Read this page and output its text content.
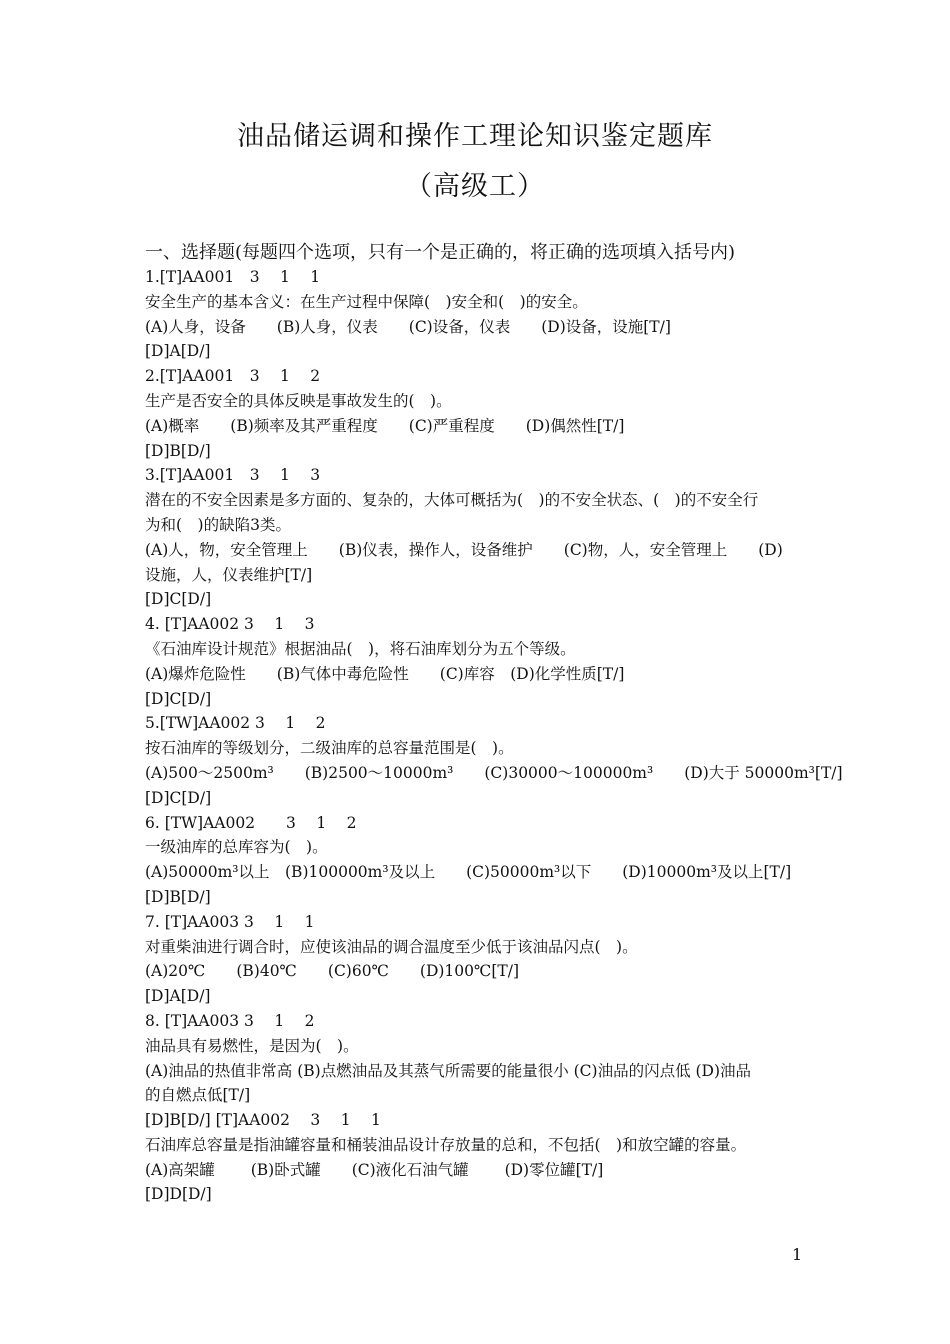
油品储运调和操作工理论知识鉴定题库
（高级工）
一、选择题(每题四个选项，只有一个是正确的，将正确的选项填入括号内)
1.[T]AA001　3　 1　 1
安全生产的基本含义：在生产过程中保障(　)安全和(　)的安全。
(A)人身，设备　　(B)人身，仪表　　(C)设备，仪表　　(D)设备，设施[T/]
[D]A[D/]
2.[T]AA001　3　 1　 2
生产是否安全的具体反映是事故发生的(　)。
(A)概率　　(B)频率及其严重程度　　(C)严重程度　　(D)偶然性[T/]
[D]B[D/]
3.[T]AA001　3　 1　 3
潜在的不安全因素是多方面的、复杂的，大体可概括为(　)的不安全状态、(　)的不安全行
为和(　)的缺陷3类。
(A)人，物，安全管理上　　(B)仪表，操作人，设备维护　　(C)物，人，安全管理上　　(D)
设施，人，仪表维护[T/]
[D]C[D/]
4. [T]AA002 3　 1　 3
《石油库设计规范》根据油品(　)，将石油库划分为五个等级。
(A)爆炸危险性　　(B)气体中毒危险性　　(C)库容　(D)化学性质[T/]
[D]C[D/]
5.[TW]AA002 3　 1　 2
按石油库的等级划分，二级油库的总容量范围是(　)。
(A)500～2500m³　　(B)2500～10000m³　　(C)30000～100000m³　　(D)大于 50000m³[T/]
[D]C[D/]
6. [TW]AA002　　3　 1　 2
一级油库的总库容为(　)。
(A)50000m³以上　(B)100000m³及以上　　(C)50000m³以下　　(D)10000m³及以上[T/]
[D]B[D/]
7. [T]AA003 3　 1　 1
对重柴油进行调合时，应使该油品的调合温度至少低于该油品闪点(　)。
(A)20℃　　(B)40℃　　(C)60℃　　(D)100℃[T/]
[D]A[D/]
8. [T]AA003 3　 1　 2
油品具有易燃性，是因为(　)。
(A)油品的热值非常高 (B)点燃油品及其蒸气所需要的能量很小 (C)油品的闪点低 (D)油品
的自燃点低[T/]
[D]B[D/] [T]AA002　 3　 1　 1
石油库总容量是指油罐容量和桶装油品设计存放量的总和，不包括(　)和放空罐的容量。
(A)高架罐　　 (B)卧式罐　　(C)液化石油气罐　　 (D)零位罐[T/]
[D]D[D/]
1
